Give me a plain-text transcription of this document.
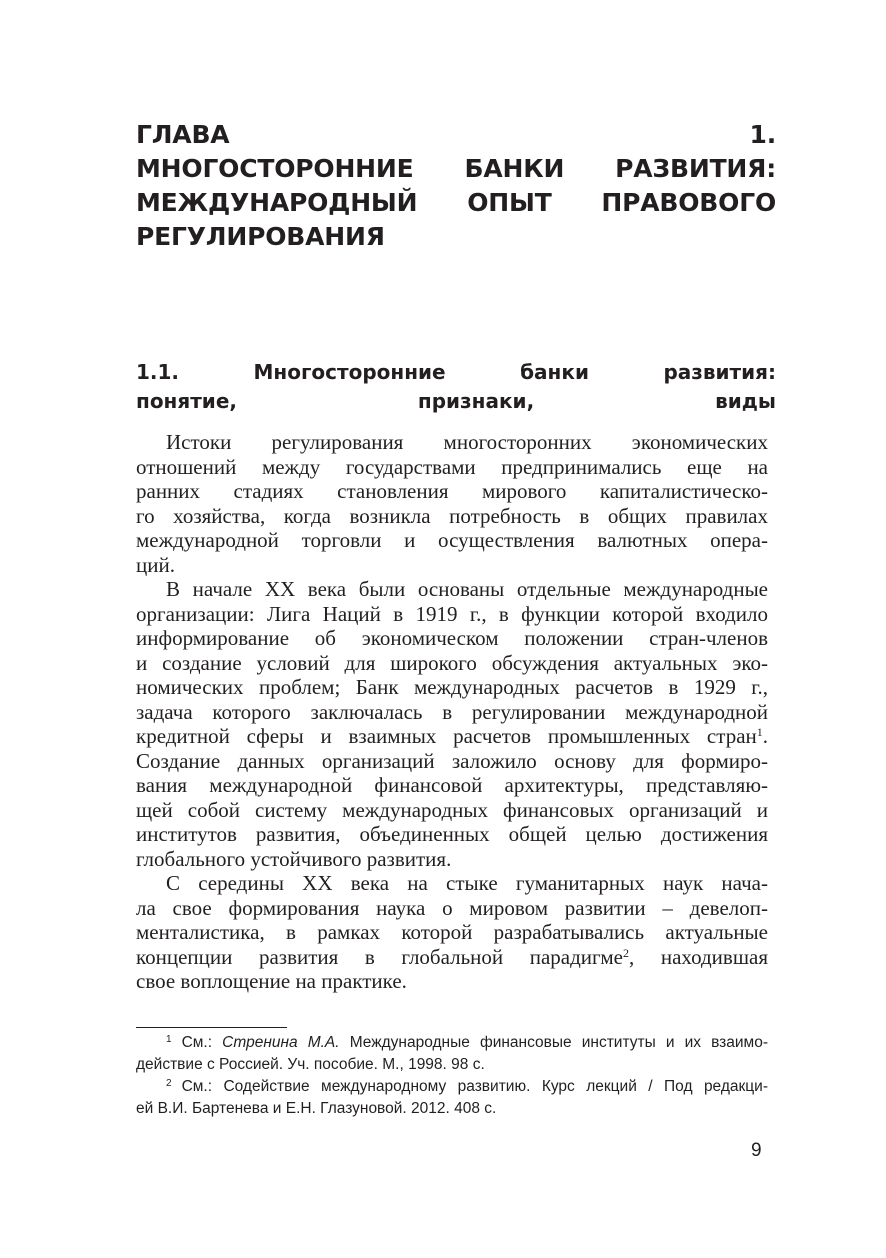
ГЛАВА 1.
МНОГОСТОРОННИЕ БАНКИ РАЗВИТИЯ:
МЕЖДУНАРОДНЫЙ ОПЫТ ПРАВОВОГО
РЕГУЛИРОВАНИЯ
1.1. Многосторонние банки развития:
понятие, признаки, виды

Истоки регулирования многосторонних экономических
отношений между государствами предпринимались еще на
ранних стадиях становления мирового капиталистическо-
го хозяйства, когда возникла потребность в общих правилах
международной торговли и осуществления валютных опера-
ций.

В начале XX века были основаны отдельные международные
организации: Лига Наций в 1919 г., в функции которой входило
информирование об экономическом положении стран-членов
и создание условий для широкого обсуждения актуальных эко-
номических проблем; Банк международных расчетов в 1929 г.,
задача которого заключалась в регулировании международной
кредитной сферы и взаимных расчетов промышленных стран$^1$.
Создание данных организаций заложило основу для формиро-
вания международной финансовой архитектуры, представляю-
щей собой систему международных финансовых организаций и
институтов развития, объединенных общей целью достижения
глобального устойчивого развития.

С середины XX века на стыке гуманитарных наук нача-
ла свое формирования наука о мировом развитии – девелоп-
менталистика, в рамках которой разрабатывались актуальные
концепции развития в глобальной парадигме$^2$, находившая
свое воплощение на практике.

$^1$ См.: Стренина М.А. Международные финансовые институты и их взаимо-
действие с Россией. Уч. пособие. М., 1998. 98 с.

$^2$ См.: Содействие международному развитию. Курс лекций / Под редакци-
ей В.И. Бартенева и Е.Н. Глазуновой. 2012. 408 с.

9
